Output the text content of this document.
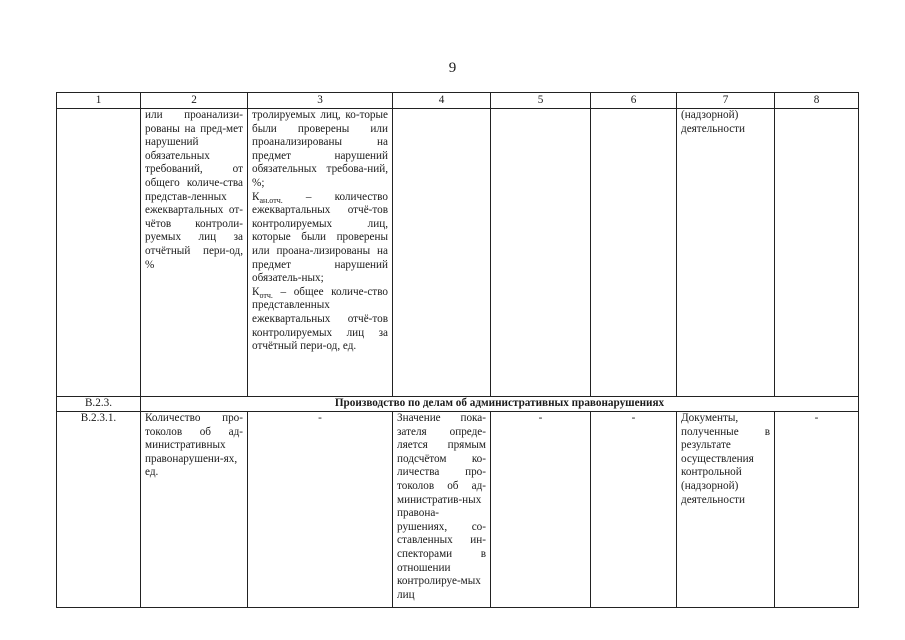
9
1	2	3	4	5	6	7	8
	или проанализи-рованы на пред-мет нарушений обязательных требований, от общего количе-ства представ-ленных ежеквартальных от-чётов контроли-руемых лиц за отчётный пери-од, %	тролируемых лиц, ко-торые были проверены или проанализированы на предмет нарушений обязательных требова-ний, %;
$К_{ан.отч.}$ – количество ежеквартальных отчё-тов контролируемых лиц, которые были проверены или проана-лизированы на предмет нарушений обязатель-ных;
$К_{отч.}$ – общее количе-ство представленных ежеквартальных отчё-тов контролируемых лиц за отчётный пери-од, ед.				(надзорной) деятельности	
В.2.3.	Производство по делам об административных правонарушениях						
В.2.3.1.	Количество про-токолов об ад-министративных правонарушени-ях, ед.	-	Значение пока-зателя опреде-ляется прямым подсчётом ко-личества про-токолов об ад-министратив-ных правона-рушениях, со-ставленных ин-спекторами в отношении контролируе-мых лиц	-	-	Документы, полученные в результате осуществления контрольной (надзорной) деятельности	-
